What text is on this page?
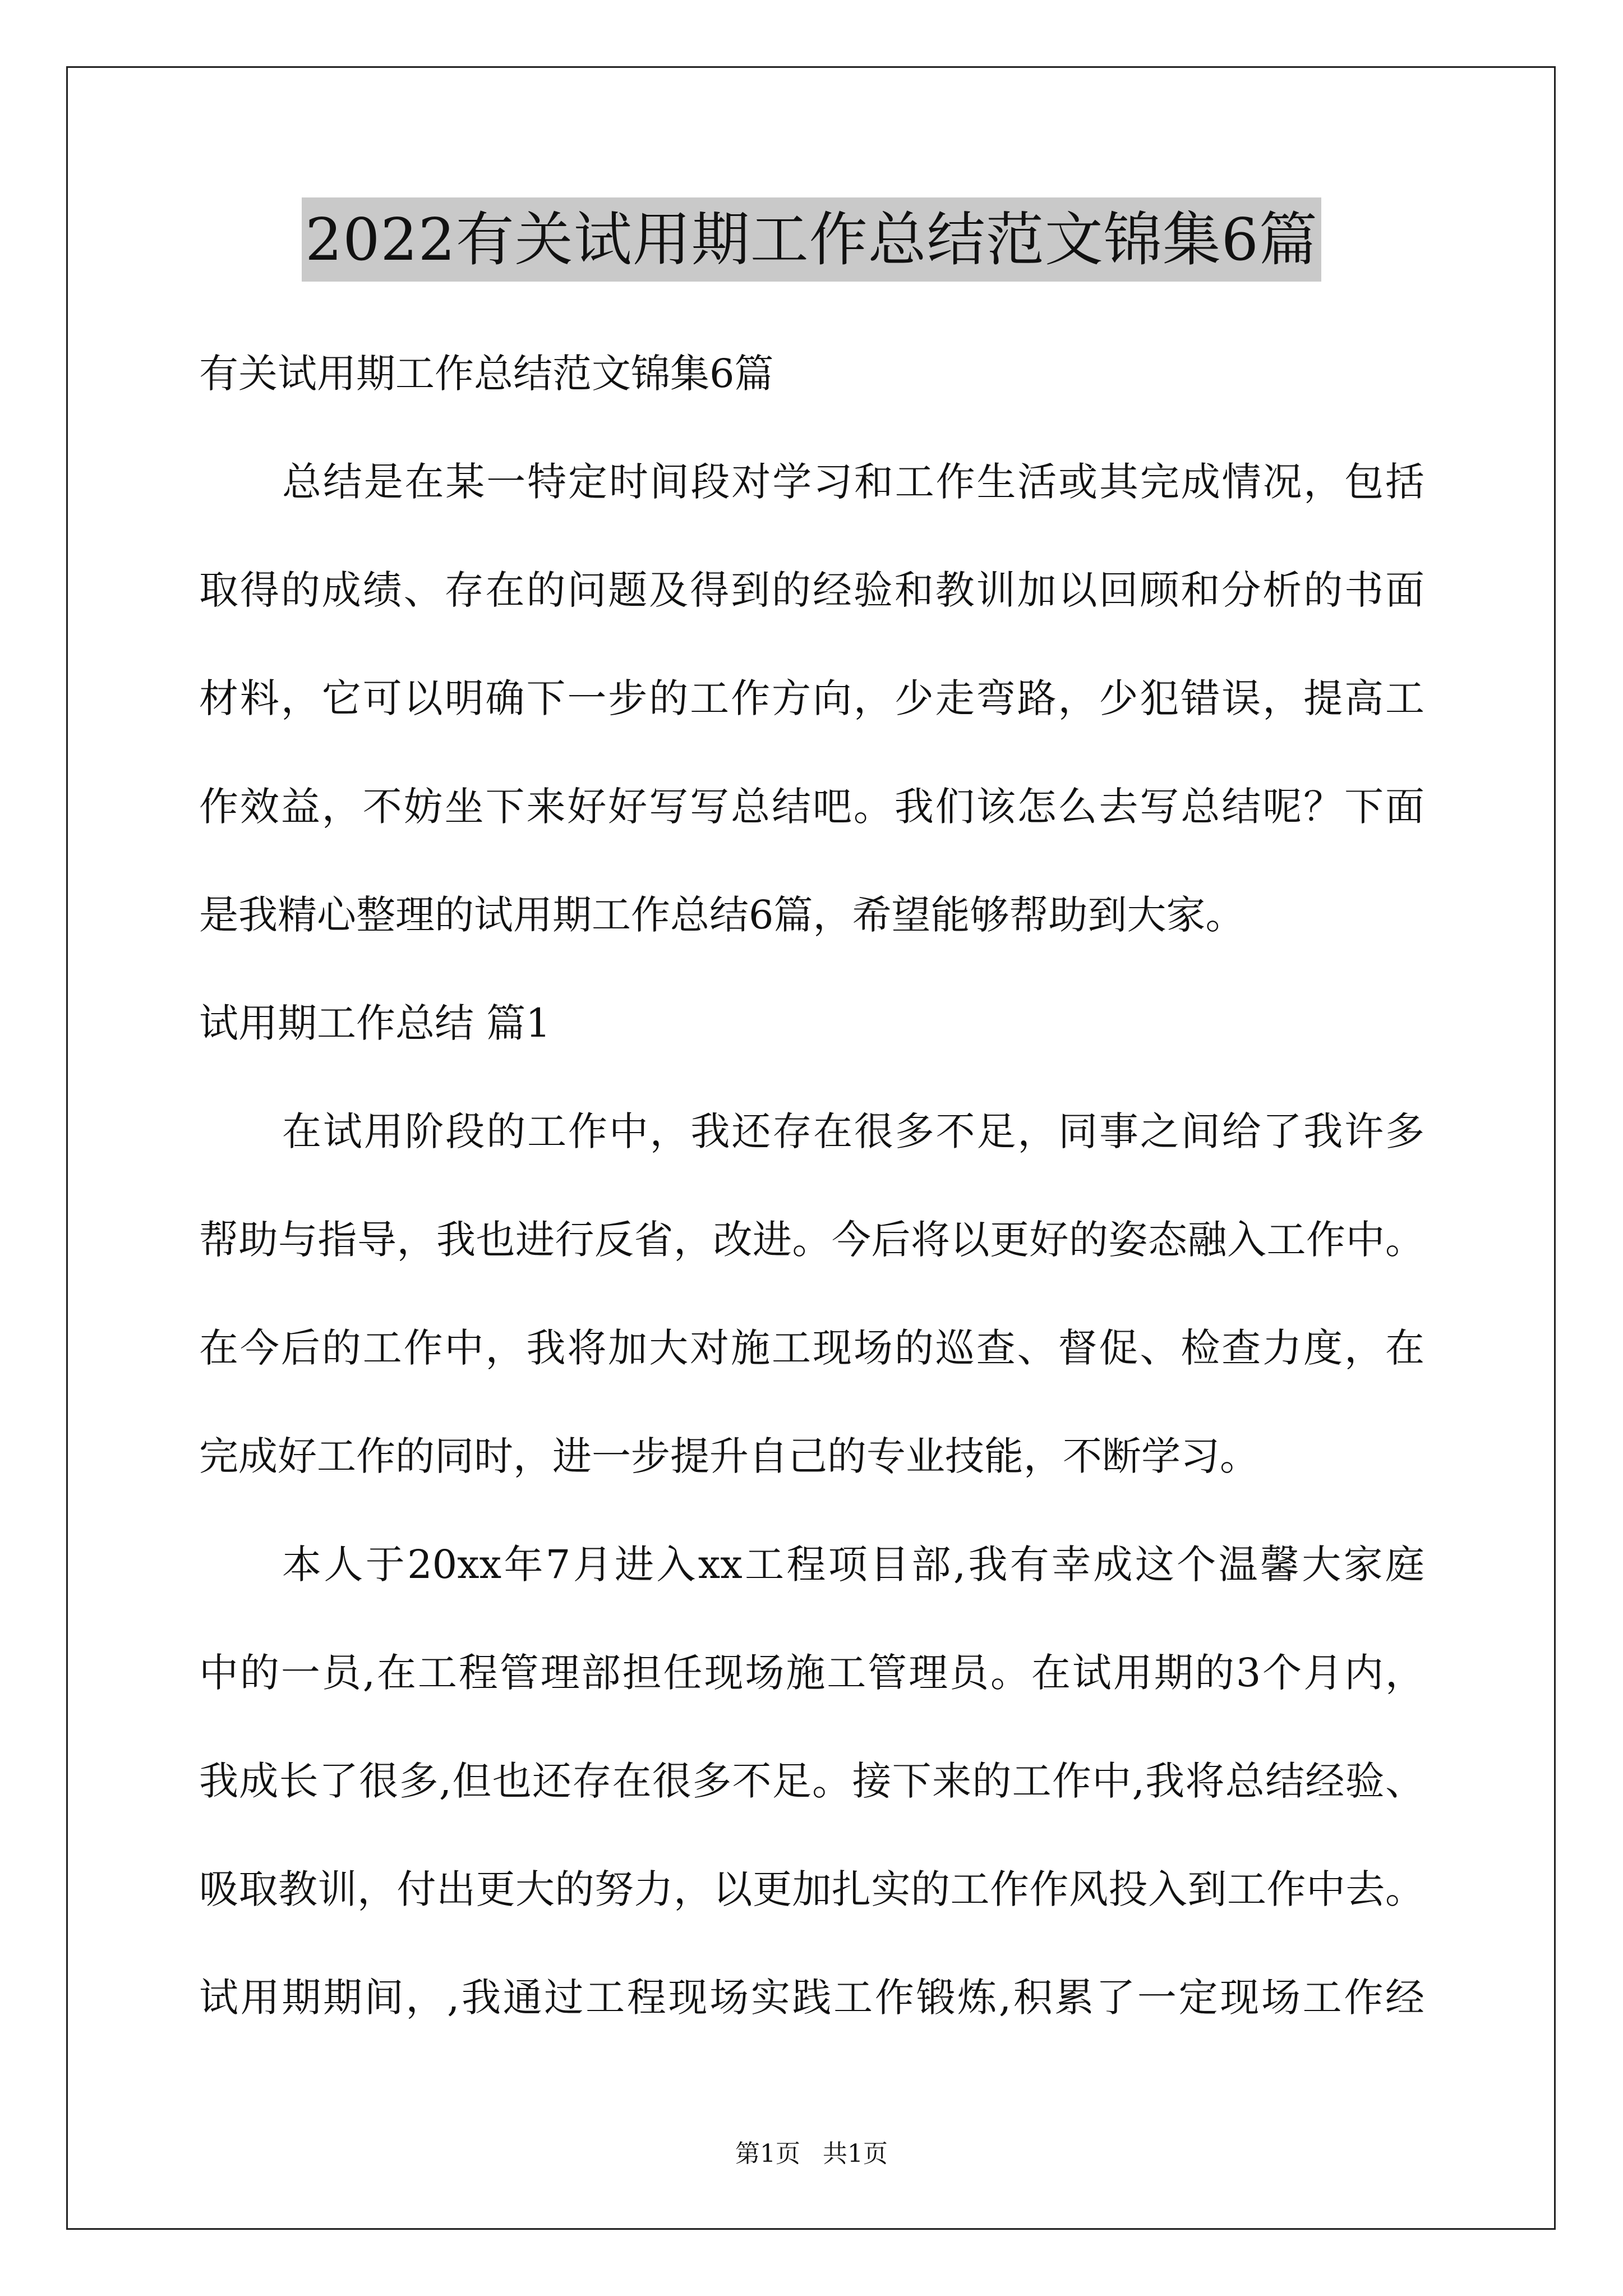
2022有关试用期工作总结范文锦集6篇
有关试用期工作总结范文锦集6篇
总结是在某一特定时间段对学习和工作生活或其完成情况，包括
取得的成绩、存在的问题及得到的经验和教训加以回顾和分析的书面
材料，它可以明确下一步的工作方向，少走弯路，少犯错误，提高工
作效益，不妨坐下来好好写写总结吧。我们该怎么去写总结呢？下面
是我精心整理的试用期工作总结6篇，希望能够帮助到大家。
试用期工作总结 篇1
在试用阶段的工作中，我还存在很多不足，同事之间给了我许多
帮助与指导，我也进行反省，改进。今后将以更好的姿态融入工作中。
在今后的工作中，我将加大对施工现场的巡查、督促、检查力度，在
完成好工作的同时，进一步提升自己的专业技能，不断学习。
本人于20xx年7月进入xx工程项目部,我有幸成这个温馨大家庭
中的一员,在工程管理部担任现场施工管理员。在试用期的3个月内，
我成长了很多,但也还存在很多不足。接下来的工作中,我将总结经验、
吸取教训，付出更大的努力，以更加扎实的工作作风投入到工作中去。
试用期期间，,我通过工程现场实践工作锻炼,积累了一定现场工作经
第1页 共1页
